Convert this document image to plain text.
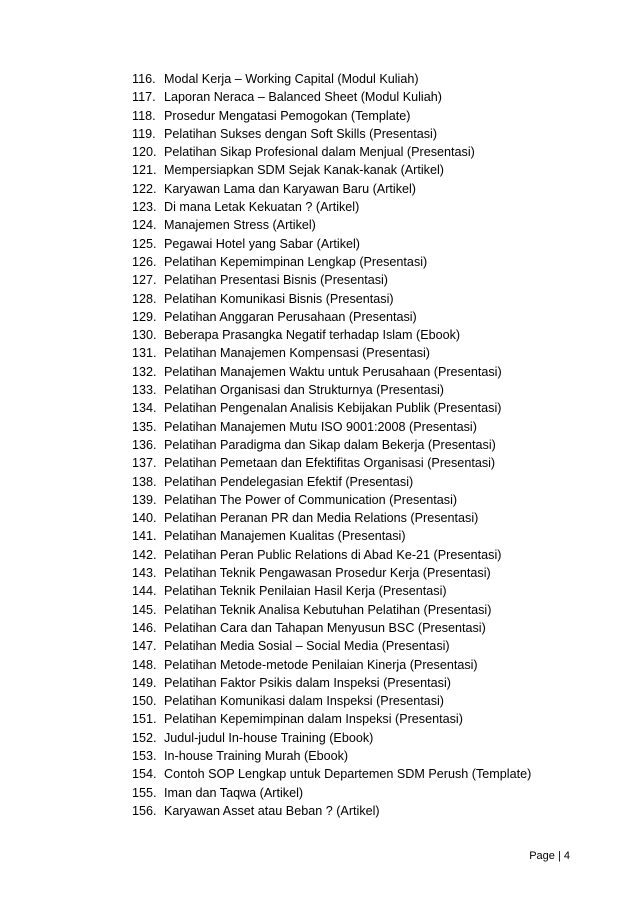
116. Modal Kerja – Working Capital (Modul Kuliah)
117. Laporan Neraca – Balanced Sheet (Modul Kuliah)
118. Prosedur Mengatasi Pemogokan (Template)
119. Pelatihan Sukses dengan Soft Skills (Presentasi)
120. Pelatihan Sikap Profesional dalam Menjual (Presentasi)
121. Mempersiapkan SDM Sejak Kanak-kanak (Artikel)
122. Karyawan Lama dan Karyawan Baru (Artikel)
123. Di mana Letak Kekuatan ? (Artikel)
124. Manajemen Stress (Artikel)
125. Pegawai Hotel yang Sabar (Artikel)
126. Pelatihan Kepemimpinan Lengkap (Presentasi)
127. Pelatihan Presentasi Bisnis (Presentasi)
128. Pelatihan Komunikasi Bisnis (Presentasi)
129. Pelatihan Anggaran Perusahaan (Presentasi)
130. Beberapa Prasangka Negatif terhadap Islam (Ebook)
131. Pelatihan Manajemen Kompensasi (Presentasi)
132. Pelatihan Manajemen Waktu untuk Perusahaan (Presentasi)
133. Pelatihan Organisasi dan Strukturnya (Presentasi)
134. Pelatihan Pengenalan Analisis Kebijakan Publik (Presentasi)
135. Pelatihan Manajemen Mutu ISO 9001:2008 (Presentasi)
136. Pelatihan Paradigma dan Sikap dalam Bekerja (Presentasi)
137. Pelatihan Pemetaan dan Efektifitas Organisasi (Presentasi)
138. Pelatihan Pendelegasian Efektif (Presentasi)
139. Pelatihan The Power of Communication (Presentasi)
140. Pelatihan Peranan PR dan Media Relations (Presentasi)
141. Pelatihan Manajemen Kualitas (Presentasi)
142. Pelatihan Peran Public Relations di Abad Ke-21 (Presentasi)
143. Pelatihan Teknik Pengawasan Prosedur Kerja (Presentasi)
144. Pelatihan Teknik Penilaian Hasil Kerja (Presentasi)
145. Pelatihan Teknik Analisa Kebutuhan Pelatihan (Presentasi)
146. Pelatihan Cara dan Tahapan Menyusun BSC (Presentasi)
147. Pelatihan Media Sosial – Social Media (Presentasi)
148. Pelatihan Metode-metode Penilaian Kinerja (Presentasi)
149. Pelatihan Faktor Psikis dalam Inspeksi (Presentasi)
150. Pelatihan Komunikasi dalam Inspeksi (Presentasi)
151. Pelatihan Kepemimpinan dalam Inspeksi (Presentasi)
152. Judul-judul In-house Training (Ebook)
153. In-house Training Murah (Ebook)
154. Contoh SOP Lengkap untuk Departemen SDM Perush (Template)
155. Iman dan Taqwa (Artikel)
156. Karyawan Asset atau Beban ? (Artikel)
Page | 4
